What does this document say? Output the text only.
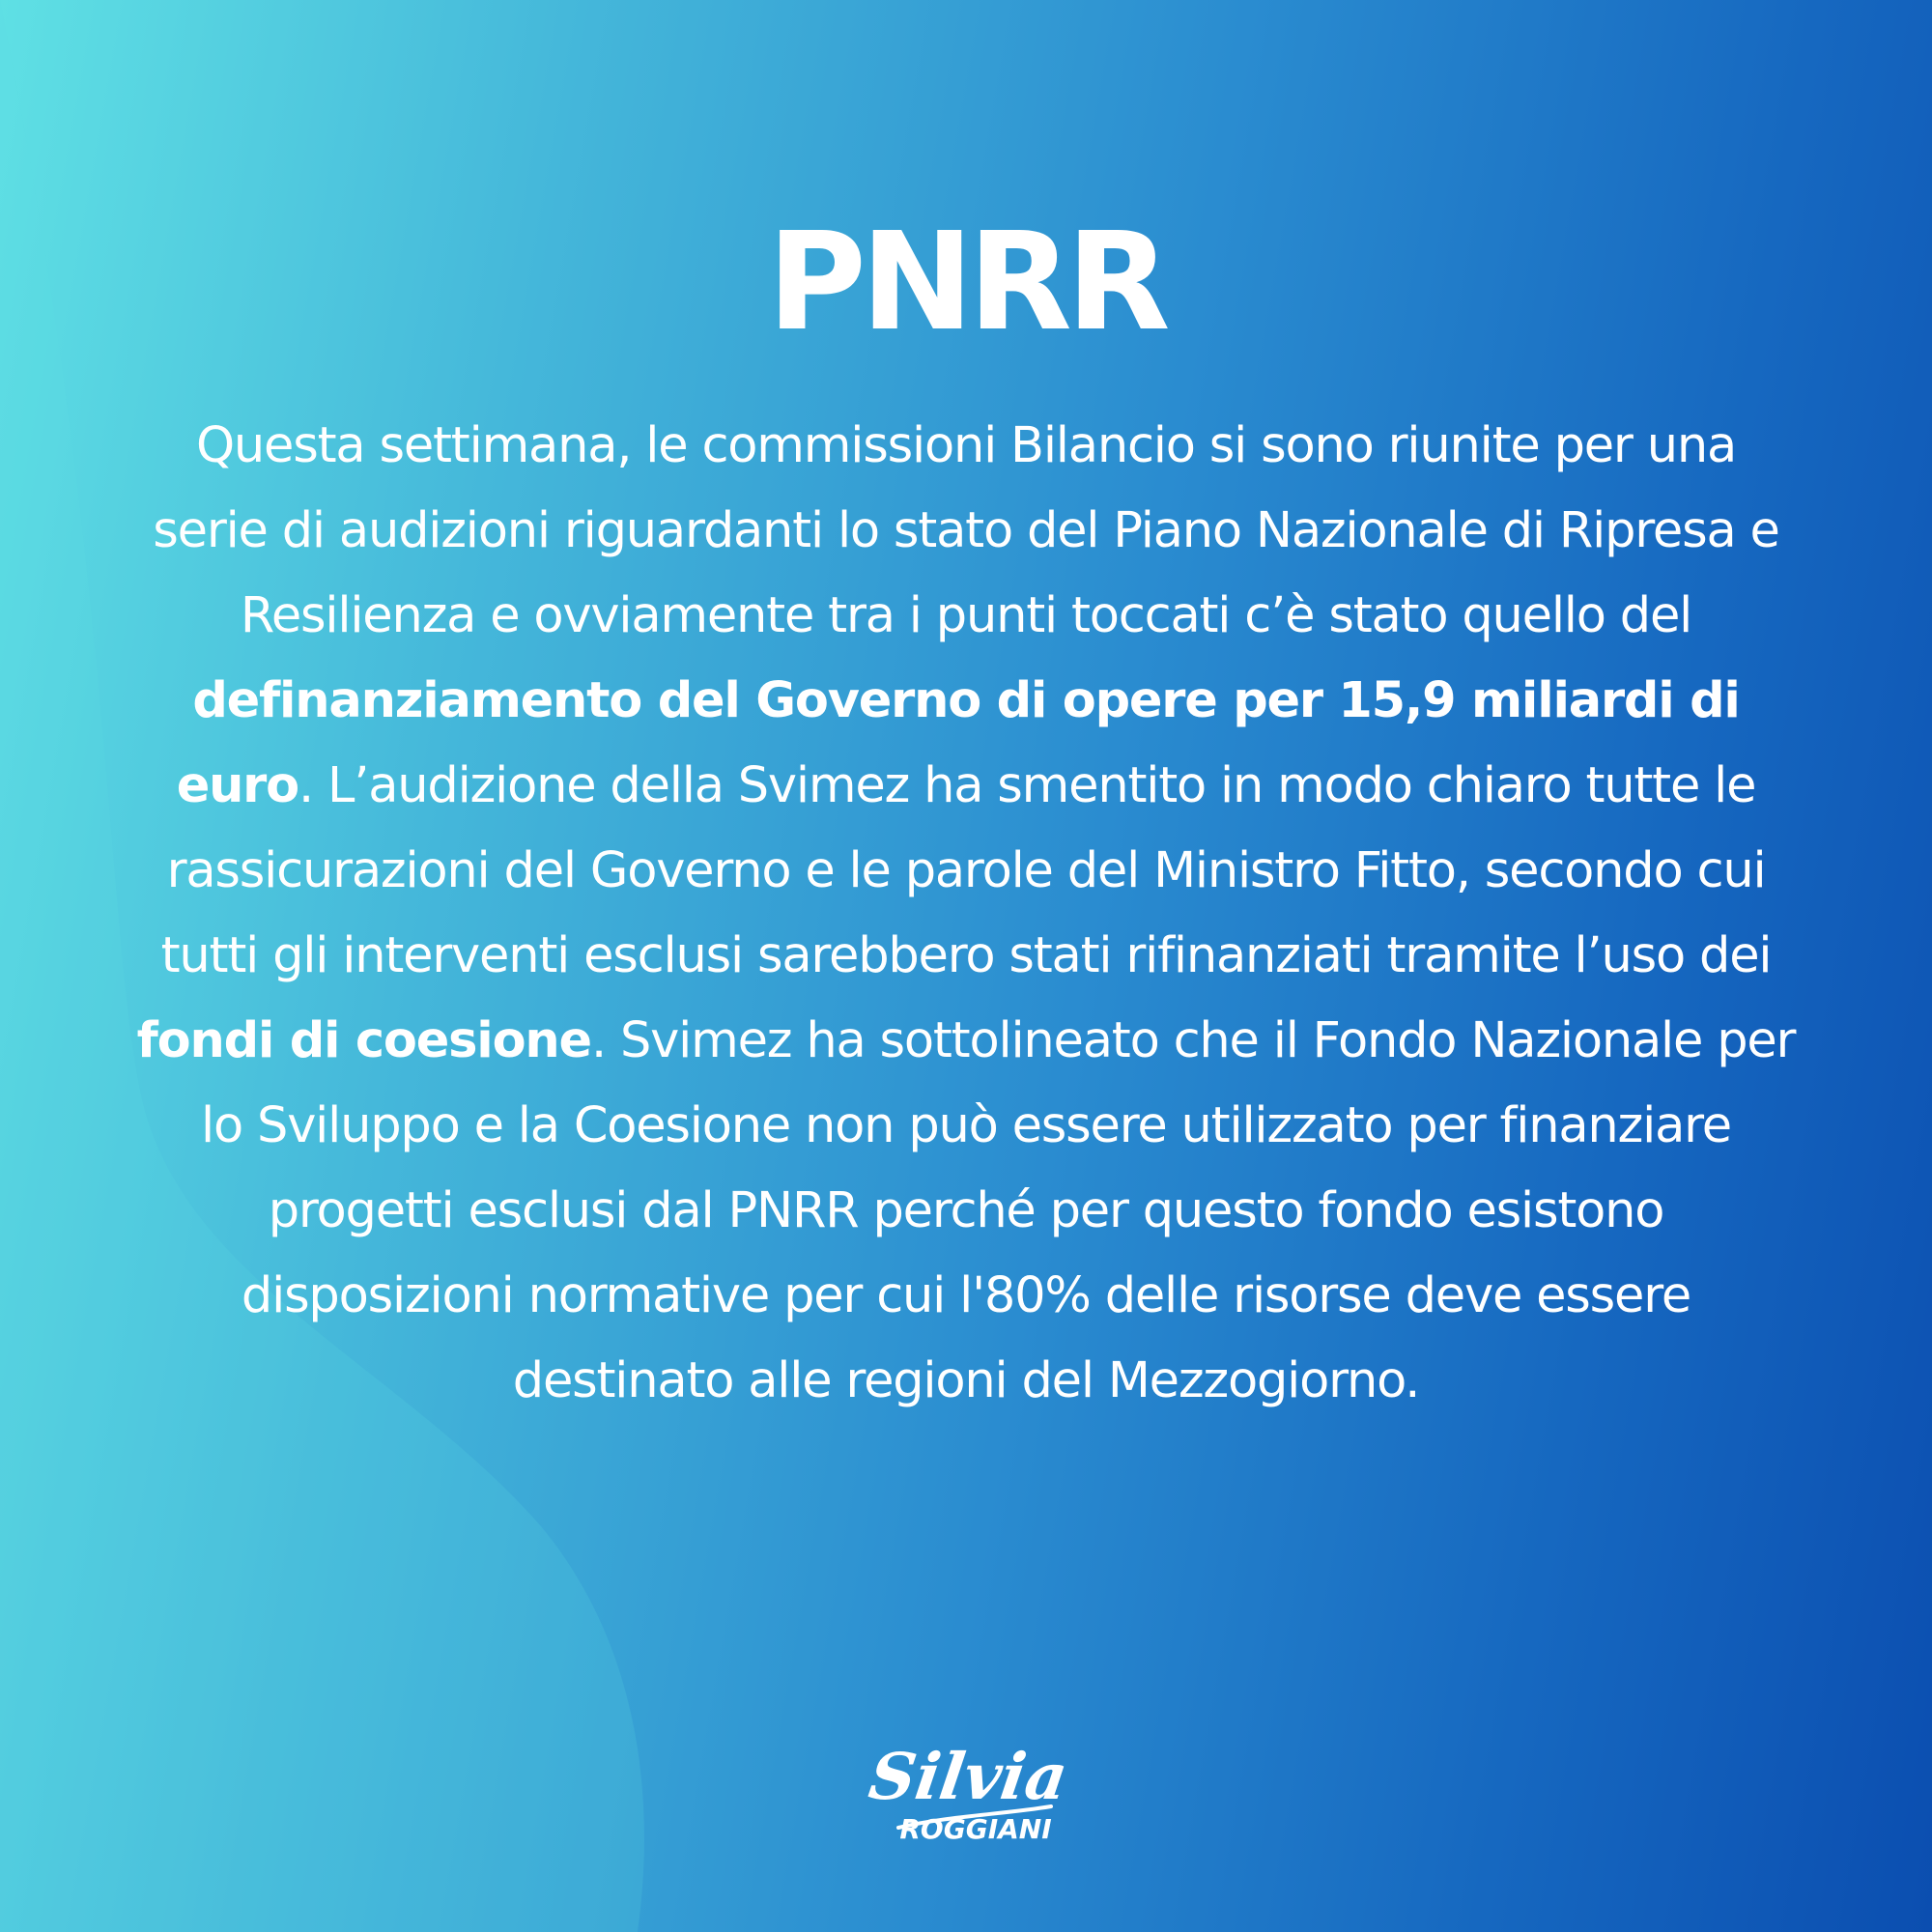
PNRR

Questa settimana, le commissioni Bilancio si sono riunite per una serie di audizioni riguardanti lo stato del Piano Nazionale di Ripresa e Resilienza e ovviamente tra i punti toccati c’è stato quello del definanziamento del Governo di opere per 15,9 miliardi di euro. L’audizione della Svimez ha smentito in modo chiaro tutte le rassicurazioni del Governo e le parole del Ministro Fitto, secondo cui tutti gli interventi esclusi sarebbero stati rifinanziati tramite l’uso dei fondi di coesione. Svimez ha sottolineato che il Fondo Nazionale per lo Sviluppo e la Coesione non può essere utilizzato per finanziare progetti esclusi dal PNRR perché per questo fondo esistono disposizioni normative per cui l'80% delle risorse deve essere destinato alle regioni del Mezzogiorno.

Silvia
ROGGIANI
